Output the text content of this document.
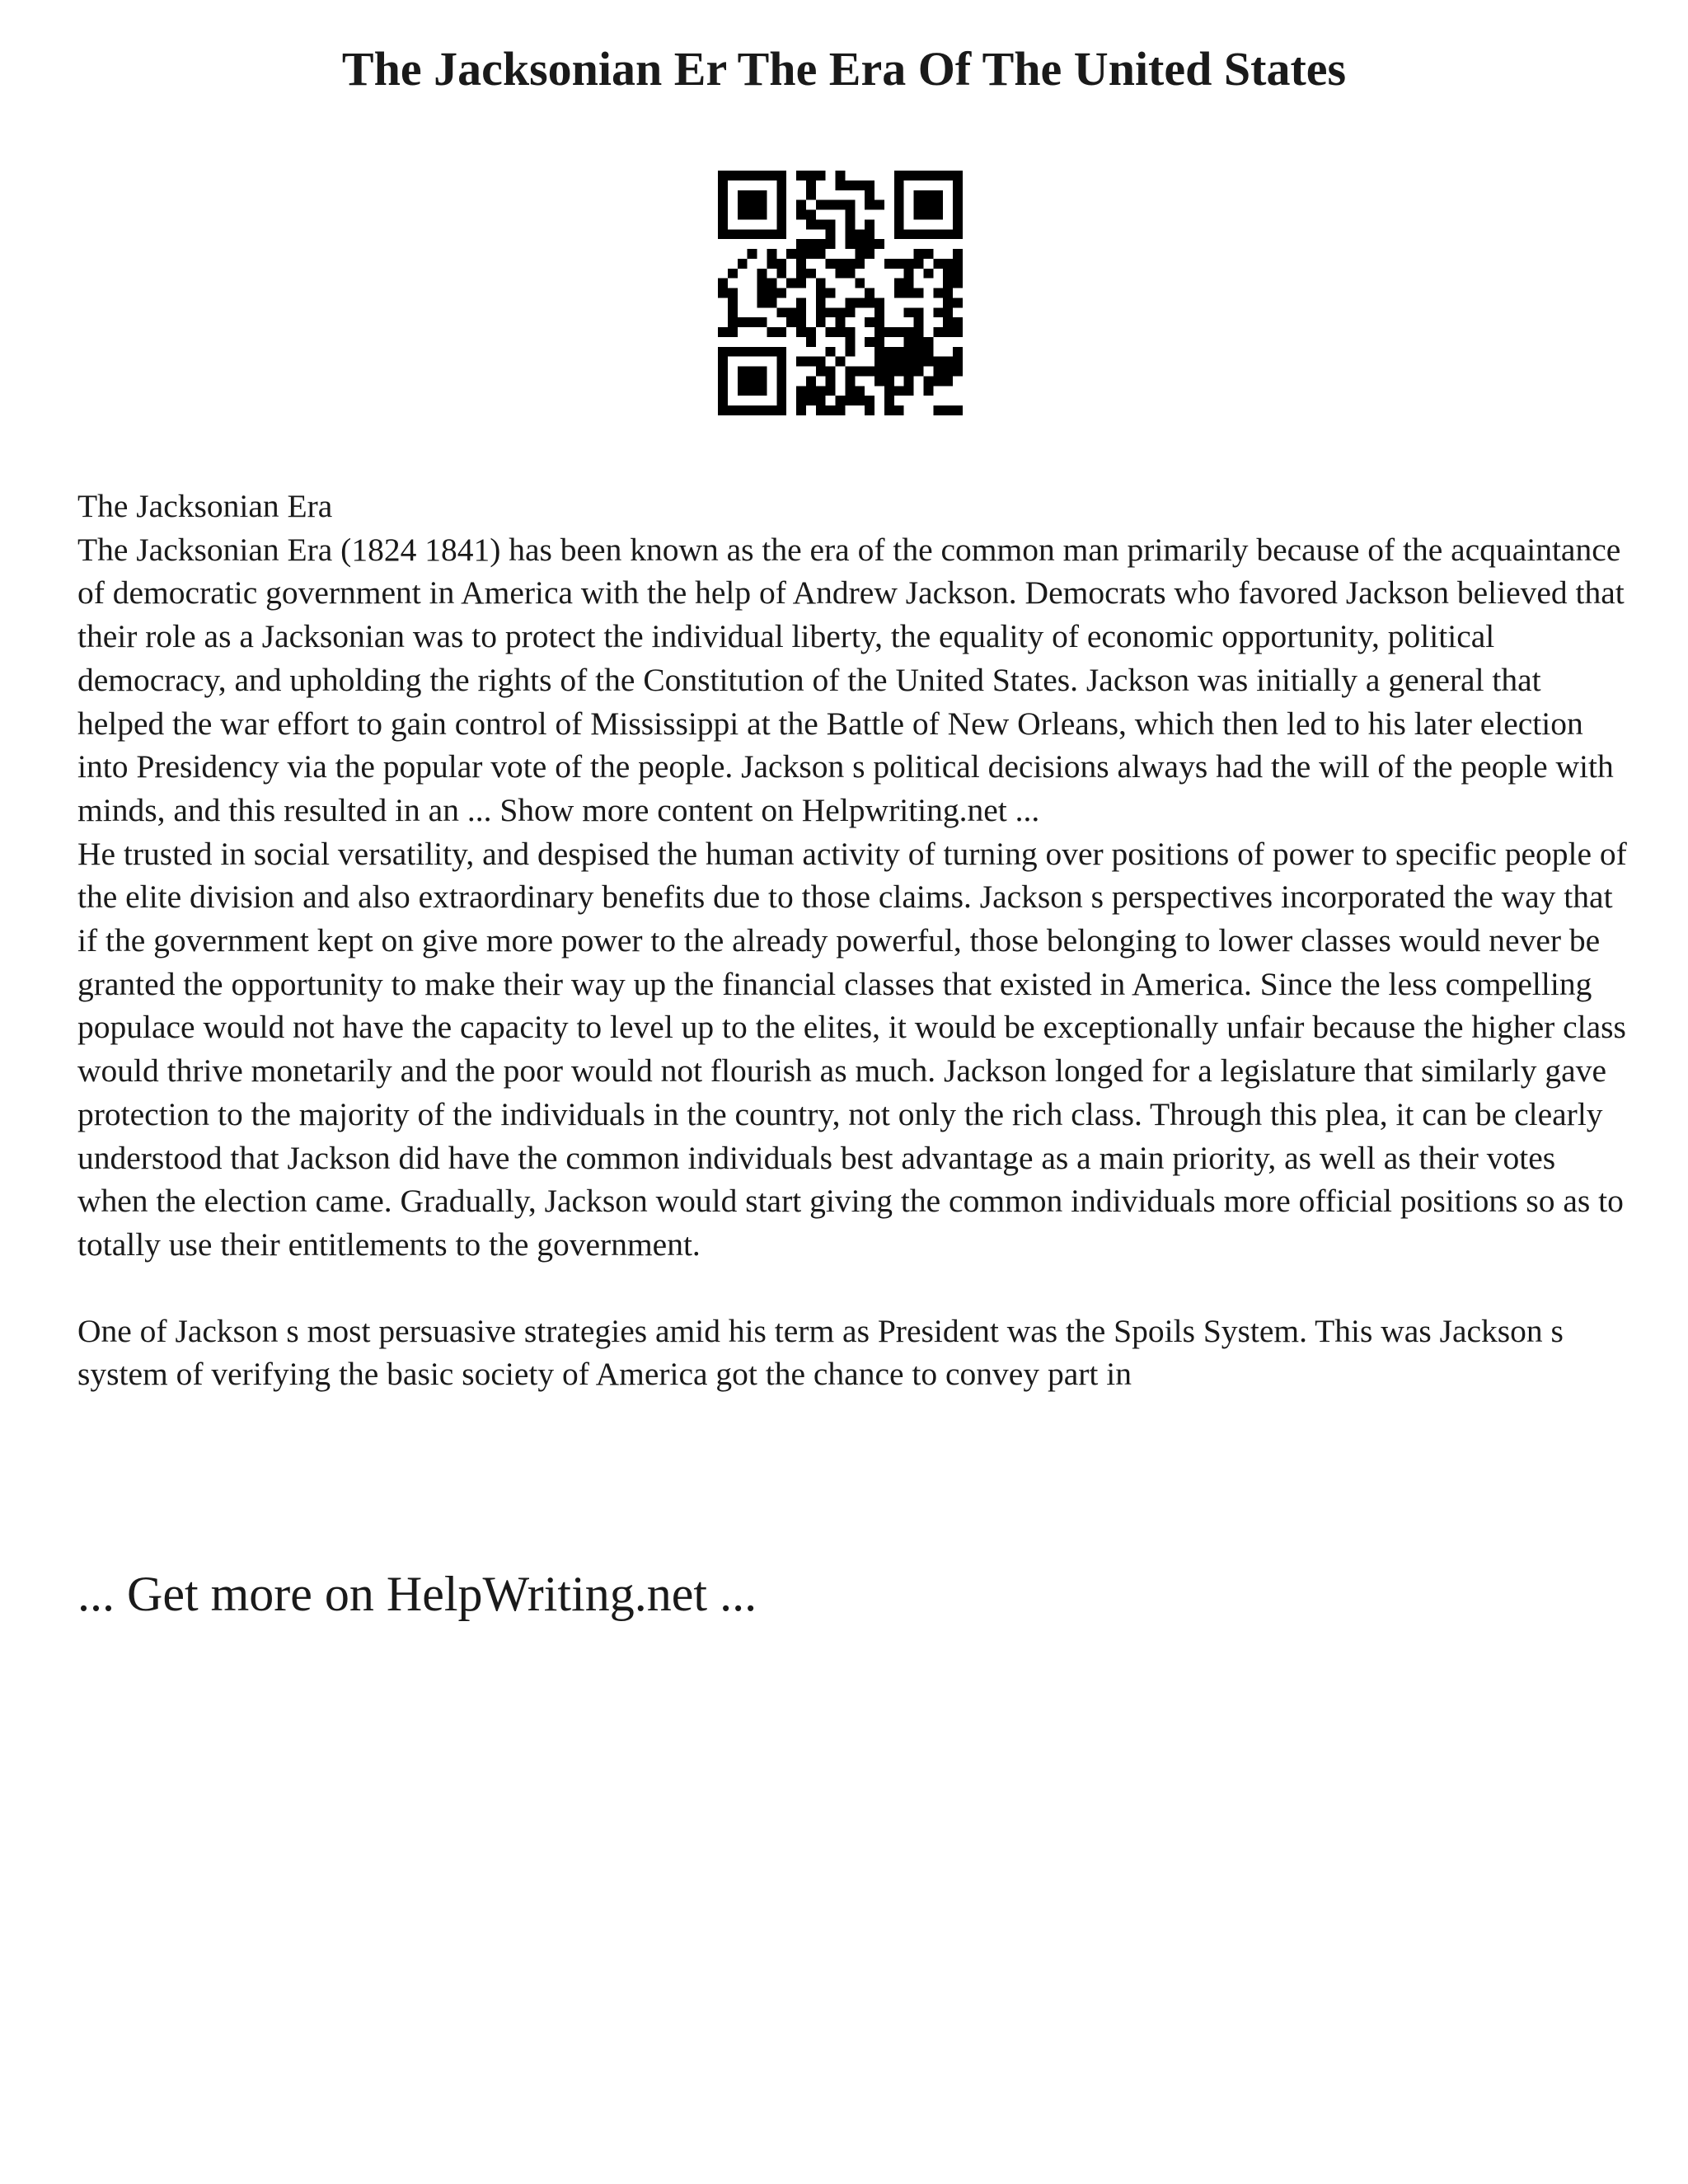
The Jacksonian Er The Era Of The United States

The Jacksonian Era

The Jacksonian Era (1824 1841) has been known as the era of the common man primarily because of the acquaintance of democratic government in America with the help of Andrew Jackson. Democrats who favored Jackson believed that their role as a Jacksonian was to protect the individual liberty, the equality of economic opportunity, political democracy, and upholding the rights of the Constitution of the United States. Jackson was initially a general that helped the war effort to gain control of Mississippi at the Battle of New Orleans, which then led to his later election into Presidency via the popular vote of the people. Jackson s political decisions always had the will of the people with minds, and this resulted in an ... Show more content on Helpwriting.net ...

He trusted in social versatility, and despised the human activity of turning over positions of power to specific people of the elite division and also extraordinary benefits due to those claims. Jackson s perspectives incorporated the way that if the government kept on give more power to the already powerful, those belonging to lower classes would never be granted the opportunity to make their way up the financial classes that existed in America. Since the less compelling populace would not have the capacity to level up to the elites, it would be exceptionally unfair because the higher class would thrive monetarily and the poor would not flourish as much. Jackson longed for a legislature that similarly gave protection to the majority of the individuals in the country, not only the rich class. Through this plea, it can be clearly understood that Jackson did have the common individuals best advantage as a main priority, as well as their votes when the election came. Gradually, Jackson would start giving the common individuals more official positions so as to totally use their entitlements to the government.

One of Jackson s most persuasive strategies amid his term as President was the Spoils System. This was Jackson s system of verifying the basic society of America got the chance to convey part in

... Get more on HelpWriting.net ...
